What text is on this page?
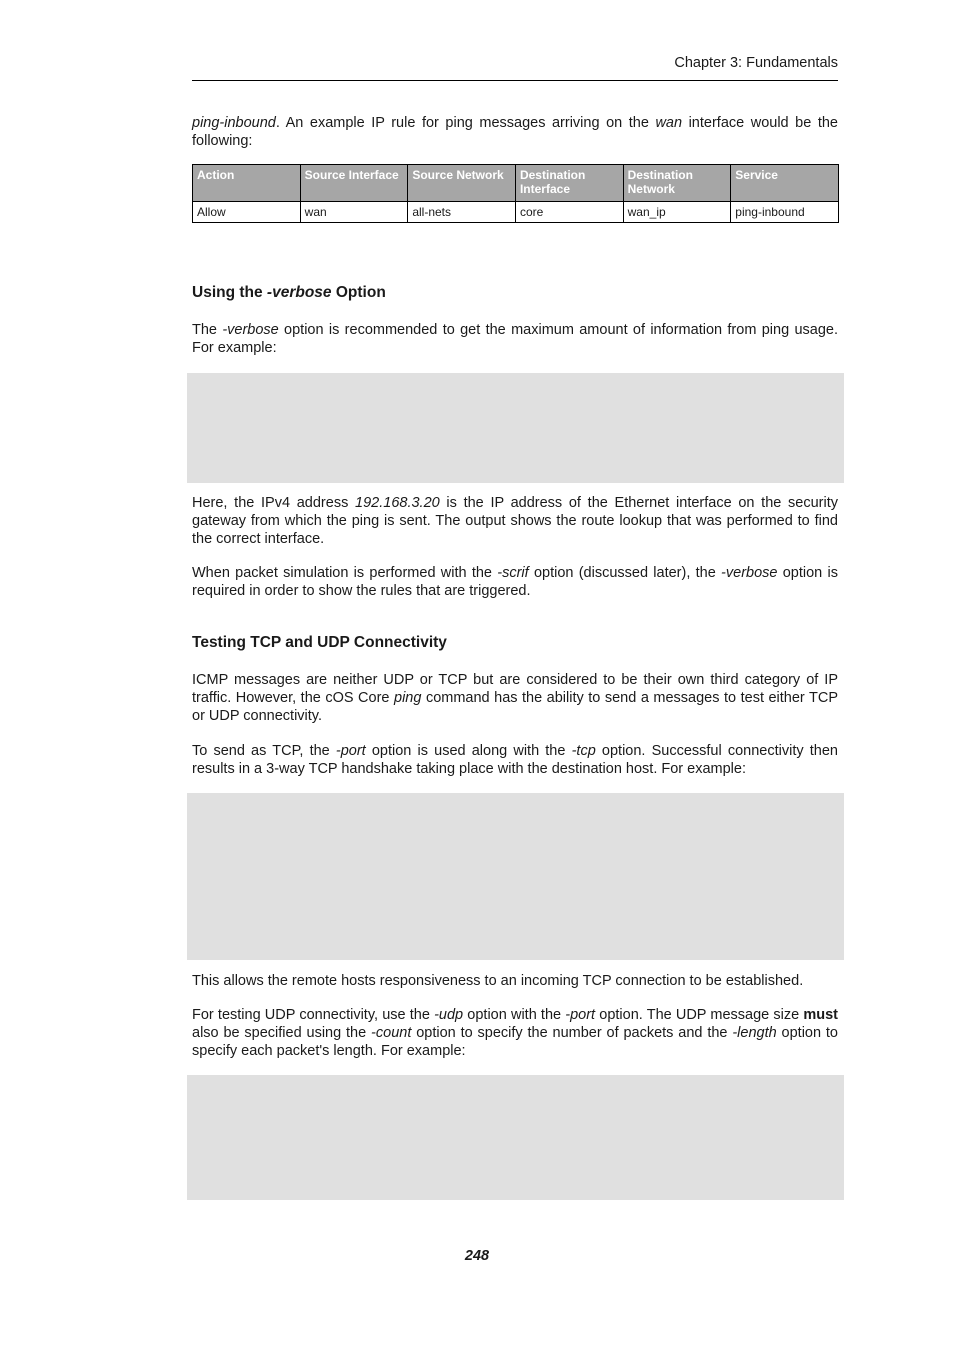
Chapter 3: Fundamentals

ping-inbound. An example IP rule for ping messages arriving on the wan interface would be the following:

Action	Source Interface	Source Network	Destination Interface	Destination Network	Service
Allow	wan	all-nets	core	wan_ip	ping-inbound
Using the -verbose Option

The -verbose option is recommended to get the maximum amount of information from ping usage. For example:

Here, the IPv4 address 192.168.3.20 is the IP address of the Ethernet interface on the security gateway from which the ping is sent. The output shows the route lookup that was performed to find the correct interface.

When packet simulation is performed with the -scrif option (discussed later), the -verbose option is required in order to show the rules that are triggered.

Testing TCP and UDP Connectivity

ICMP messages are neither UDP or TCP but are considered to be their own third category of IP traffic. However, the cOS Core ping command has the ability to send a messages to test either TCP or UDP connectivity.

To send as TCP, the -port option is used along with the -tcp option. Successful connectivity then results in a 3-way TCP handshake taking place with the destination host. For example:

This allows the remote hosts responsiveness to an incoming TCP connection to be established.

For testing UDP connectivity, use the -udp option with the -port option. The UDP message size must also be specified using the -count option to specify the number of packets and the -length option to specify each packet's length. For example:

248
